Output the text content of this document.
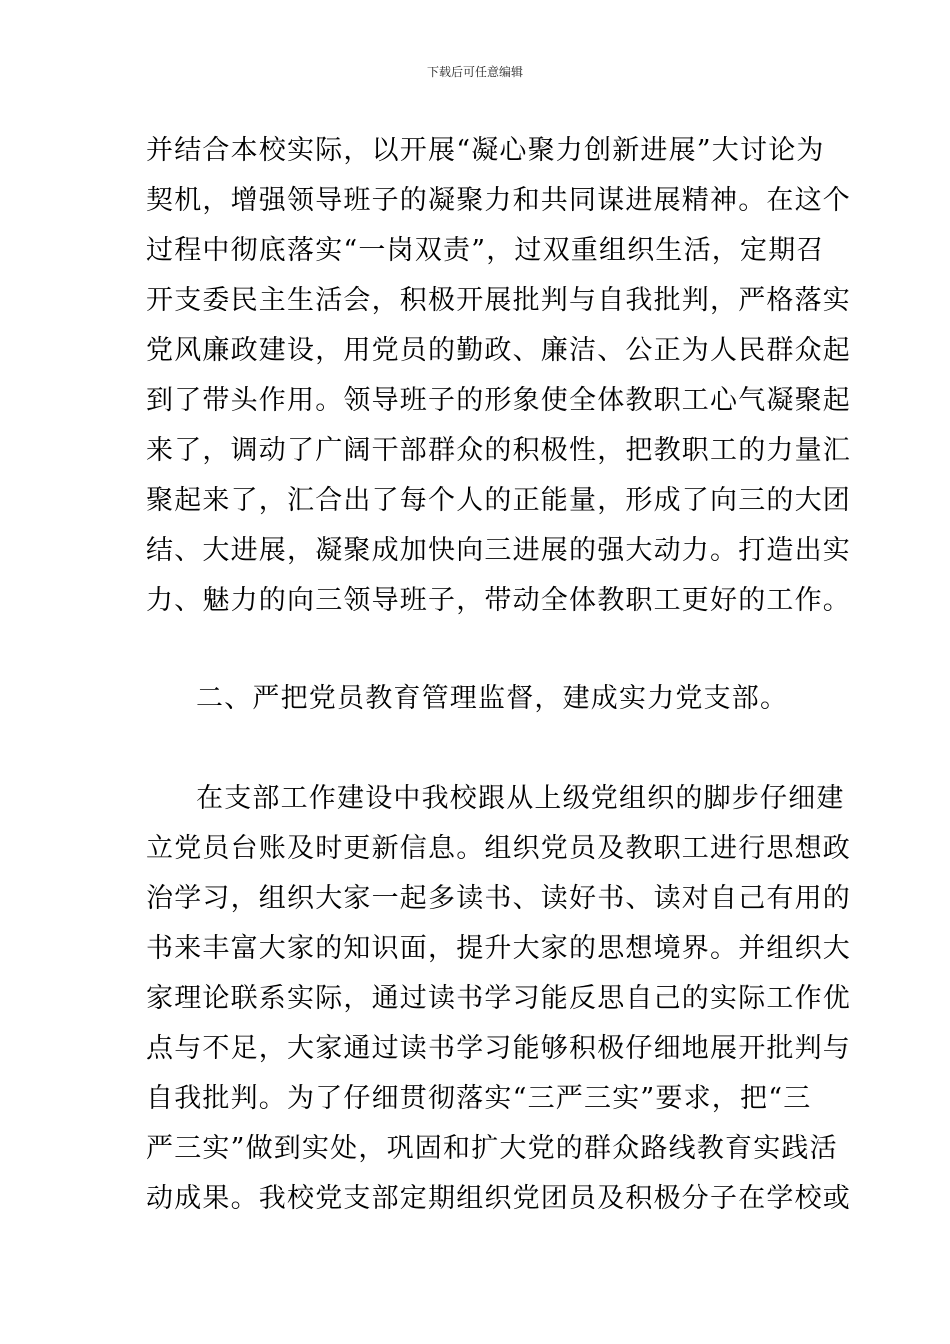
下载后可任意编辑
并结合本校实际，以开展“凝心聚力创新进展”大讨论为
契机，增强领导班子的凝聚力和共同谋进展精神。在这个
过程中彻底落实“一岗双责”，过双重组织生活，定期召
开支委民主生活会，积极开展批判与自我批判，严格落实
党风廉政建设，用党员的勤政、廉洁、公正为人民群众起
到了带头作用。领导班子的形象使全体教职工心气凝聚起
来了，调动了广阔干部群众的积极性，把教职工的力量汇
聚起来了，汇合出了每个人的正能量，形成了向三的大团
结、大进展，凝聚成加快向三进展的强大动力。打造出实
力、魅力的向三领导班子，带动全体教职工更好的工作。
二、严把党员教育管理监督，建成实力党支部。
在支部工作建设中我校跟从上级党组织的脚步仔细建
立党员台账及时更新信息。组织党员及教职工进行思想政
治学习，组织大家一起多读书、读好书、读对自己有用的
书来丰富大家的知识面，提升大家的思想境界。并组织大
家理论联系实际，通过读书学习能反思自己的实际工作优
点与不足，大家通过读书学习能够积极仔细地展开批判与
自我批判。为了仔细贯彻落实“三严三实”要求，把“三
严三实”做到实处，巩固和扩大党的群众路线教育实践活
动成果。我校党支部定期组织党团员及积极分子在学校或
